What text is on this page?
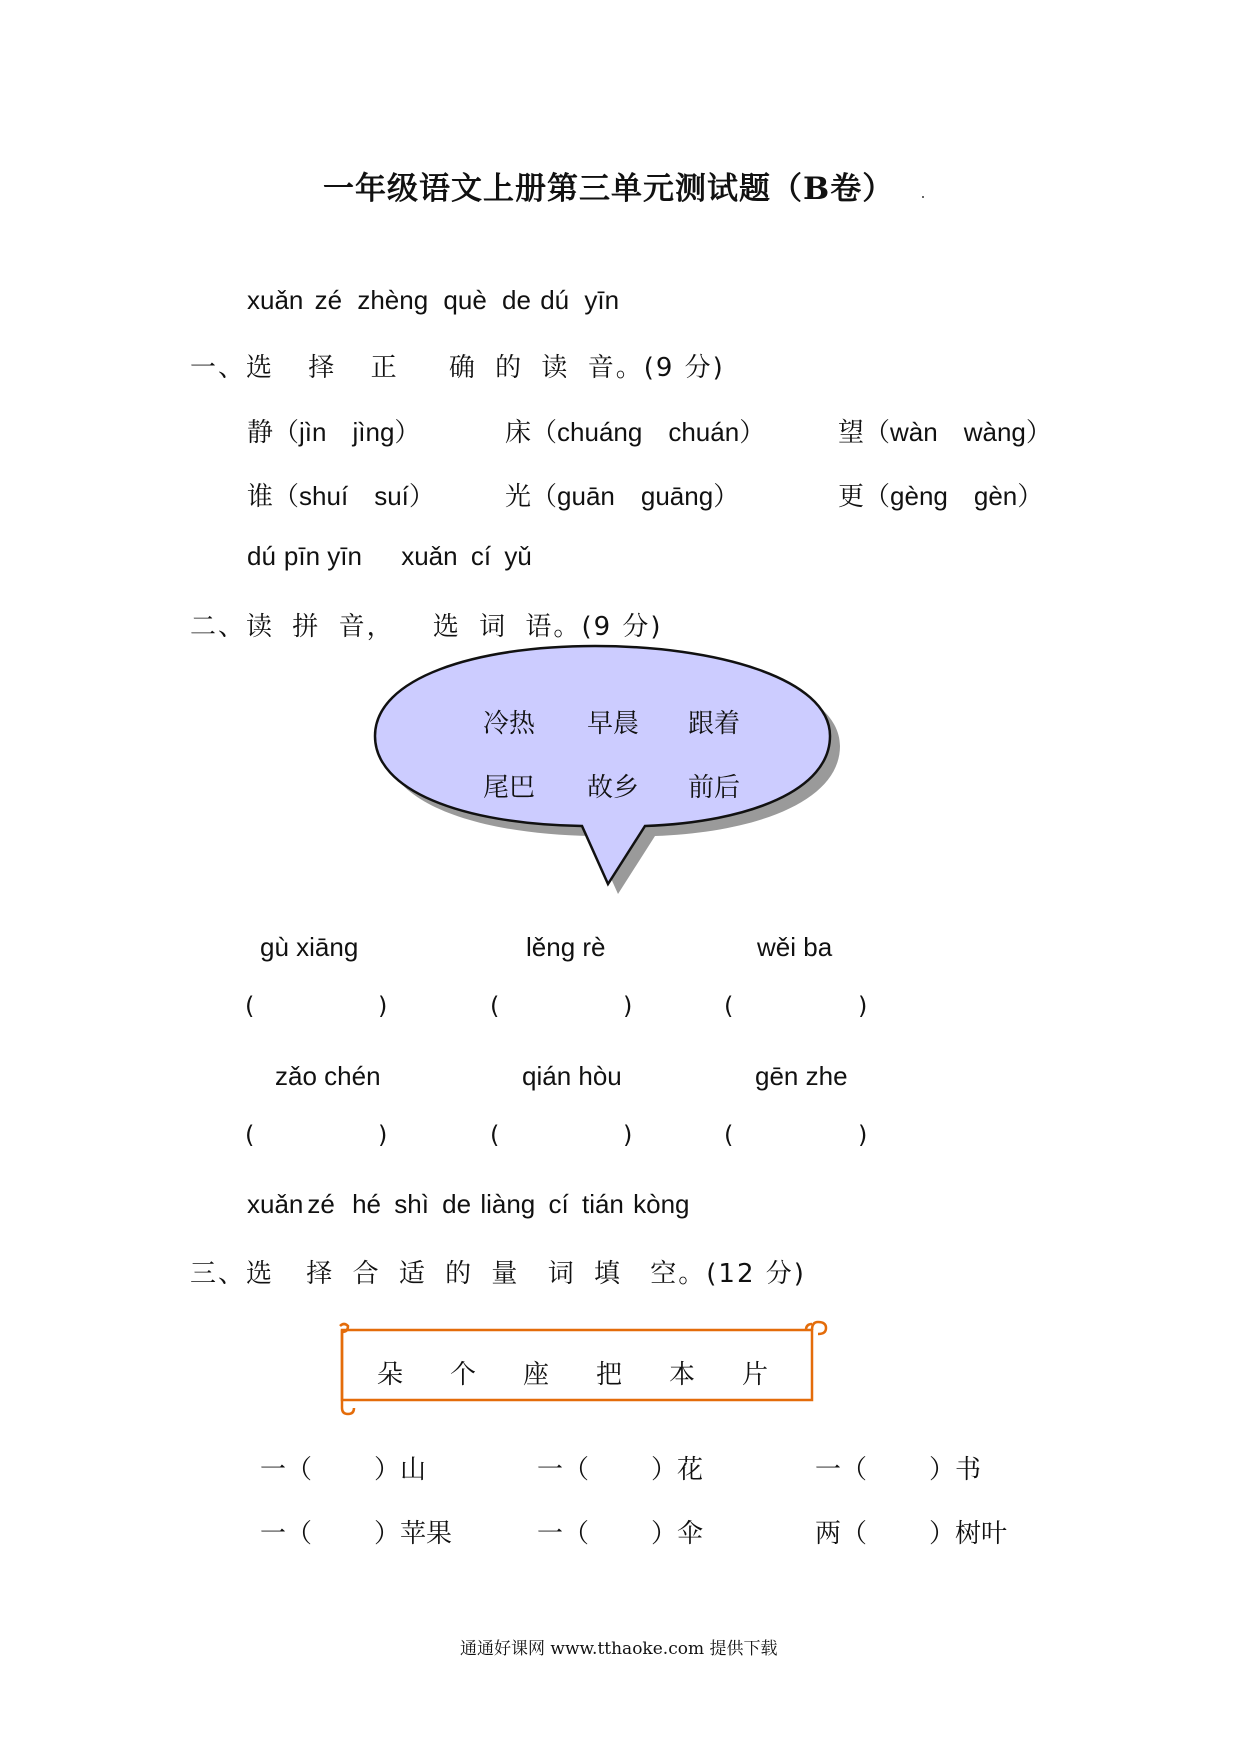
一年级语文上册第三单元测试题（B卷）
xuǎn zé zhèng què de dú yīn
一、选 择 正 确 的 读 音。(9 分)
静（jìn jìng）	床（chuáng chuán）	望（wàn wàng）
谁（shuí suí）	光（guān guāng）	更（gèng gèn）
dú pīn yīn xuǎn cí yǔ
二、读 拼 音， 选 词 语。(9 分)
冷热 早晨 跟着
尾巴 故乡 前后
gù xiāng	lěng rè	wěi ba
(	)	(	)	(	)
zǎo chén	qián hòu	gēn zhe
(	)	(	)	(	)
xuǎn zé hé shì de liàng cí tián kòng
三、选 择 合 适 的 量 词 填 空。(12 分)
朵 个 座 把 本 片
一（ ）山	一（ ）花	一（ ）书
一（ ）苹果	一（ ）伞	两（ ）树叶
通通好课网 www.tthaoke.com 提供下载
